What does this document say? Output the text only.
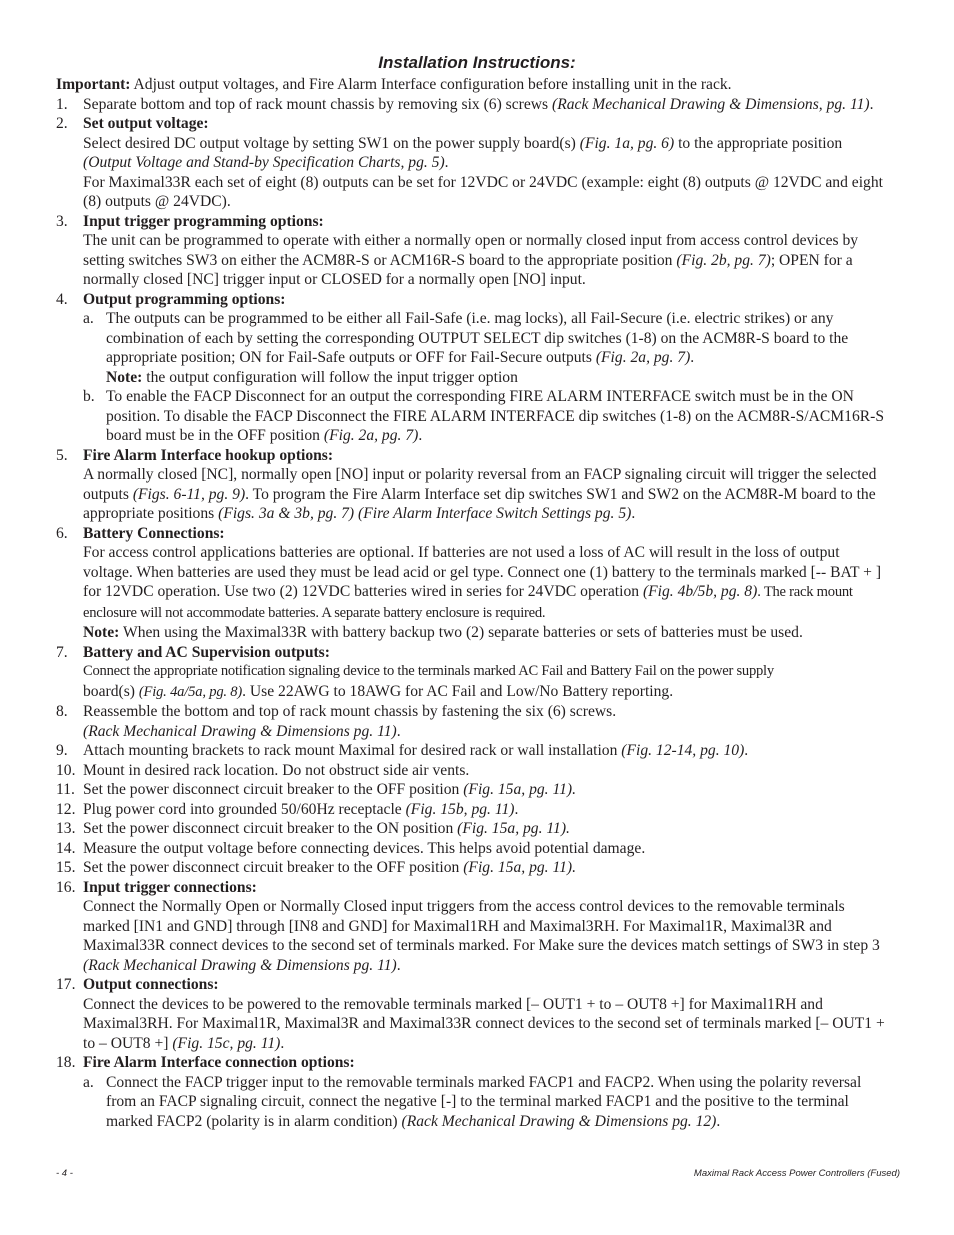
Installation Instructions:

Important: Adjust output voltages, and Fire Alarm Interface configuration before installing unit in the rack.

1. Separate bottom and top of rack mount chassis by removing six (6) screws (Rack Mechanical Drawing & Dimensions, pg. 11).
2. Set output voltage:

Select desired DC output voltage by setting SW1 on the power supply board(s) (Fig. 1a, pg. 6) to the appropriate position (Output Voltage and Stand-by Specification Charts, pg. 5).

For Maximal33R each set of eight (8) outputs can be set for 12VDC or 24VDC (example: eight (8) outputs @ 12VDC and eight (8) outputs @ 24VDC).

3. Input trigger programming options:

The unit can be programmed to operate with either a normally open or normally closed input from access control devices by setting switches SW3 on either the ACM8R-S or ACM16R-S board to the appropriate position (Fig. 2b, pg. 7); OPEN for a normally closed [NC] trigger input or CLOSED for a normally open [NO] input.

4. Output programming options:

a. The outputs can be programmed to be either all Fail-Safe (i.e. mag locks), all Fail-Secure (i.e. electric strikes) or any combination of each by setting the corresponding OUTPUT SELECT dip switches (1-8) on the ACM8R-S board to the appropriate position; ON for Fail-Safe outputs or OFF for Fail-Secure outputs (Fig. 2a, pg. 7).
Note: the output configuration will follow the input trigger option
b. To enable the FACP Disconnect for an output the corresponding FIRE ALARM INTERFACE switch must be in the ON position. To disable the FACP Disconnect the FIRE ALARM INTERFACE dip switches (1-8) on the ACM8R-S/ACM16R-S board must be in the OFF position (Fig. 2a, pg. 7).
5. Fire Alarm Interface hookup options:

A normally closed [NC], normally open [NO] input or polarity reversal from an FACP signaling circuit will trigger the selected outputs (Figs. 6-11, pg. 9). To program the Fire Alarm Interface set dip switches SW1 and SW2 on the ACM8R-M board to the appropriate positions (Figs. 3a & 3b, pg. 7) (Fire Alarm Interface Switch Settings pg. 5).

6. Battery Connections:

For access control applications batteries are optional. If batteries are not used a loss of AC will result in the loss of output voltage. When batteries are used they must be lead acid or gel type. Connect one (1) battery to the terminals marked [-- BAT + ] for 12VDC operation. Use two (2) 12VDC batteries wired in series for 24VDC operation (Fig. 4b/5b, pg. 8). The rack mount enclosure will not accommodate batteries. A separate battery enclosure is required.

Note: When using the Maximal33R with battery backup two (2) separate batteries or sets of batteries must be used.

7. Battery and AC Supervision outputs:

Connect the appropriate notification signaling device to the terminals marked AC Fail and Battery Fail on the power supply

board(s) (Fig. 4a/5a, pg. 8). Use 22AWG to 18AWG for AC Fail and Low/No Battery reporting.

8. Reassemble the bottom and top of rack mount chassis by fastening the six (6) screws.

(Rack Mechanical Drawing & Dimensions pg. 11).

9. Attach mounting brackets to rack mount Maximal for desired rack or wall installation (Fig. 12-14, pg. 10).
10. Mount in desired rack location. Do not obstruct side air vents.
11. Set the power disconnect circuit breaker to the OFF position (Fig. 15a, pg. 11).
12. Plug power cord into grounded 50/60Hz receptacle (Fig. 15b, pg. 11).
13. Set the power disconnect circuit breaker to the ON position (Fig. 15a, pg. 11).
14. Measure the output voltage before connecting devices. This helps avoid potential damage.
15. Set the power disconnect circuit breaker to the OFF position (Fig. 15a, pg. 11).
16. Input trigger connections:

Connect the Normally Open or Normally Closed input triggers from the access control devices to the removable terminals marked [IN1 and GND] through [IN8 and GND] for Maximal1RH and Maximal3RH. For Maximal1R, Maximal3R and Maximal33R connect devices to the second set of terminals marked. For Make sure the devices match settings of SW3 in step 3 (Rack Mechanical Drawing & Dimensions pg. 11).

17. Output connections:

Connect the devices to be powered to the removable terminals marked [– OUT1 + to – OUT8 +] for Maximal1RH and Maximal3RH. For Maximal1R, Maximal3R and Maximal33R connect devices to the second set of terminals marked [– OUT1 + to – OUT8 +] (Fig. 15c, pg. 11).

18. Fire Alarm Interface connection options:

a. Connect the FACP trigger input to the removable terminals marked FACP1 and FACP2. When using the polarity reversal from an FACP signaling circuit, connect the negative [-] to the terminal marked FACP1 and the positive to the terminal marked FACP2 (polarity is in alarm condition) (Rack Mechanical Drawing & Dimensions pg. 12).
- 4 -	Maximal Rack Access Power Controllers (Fused)
